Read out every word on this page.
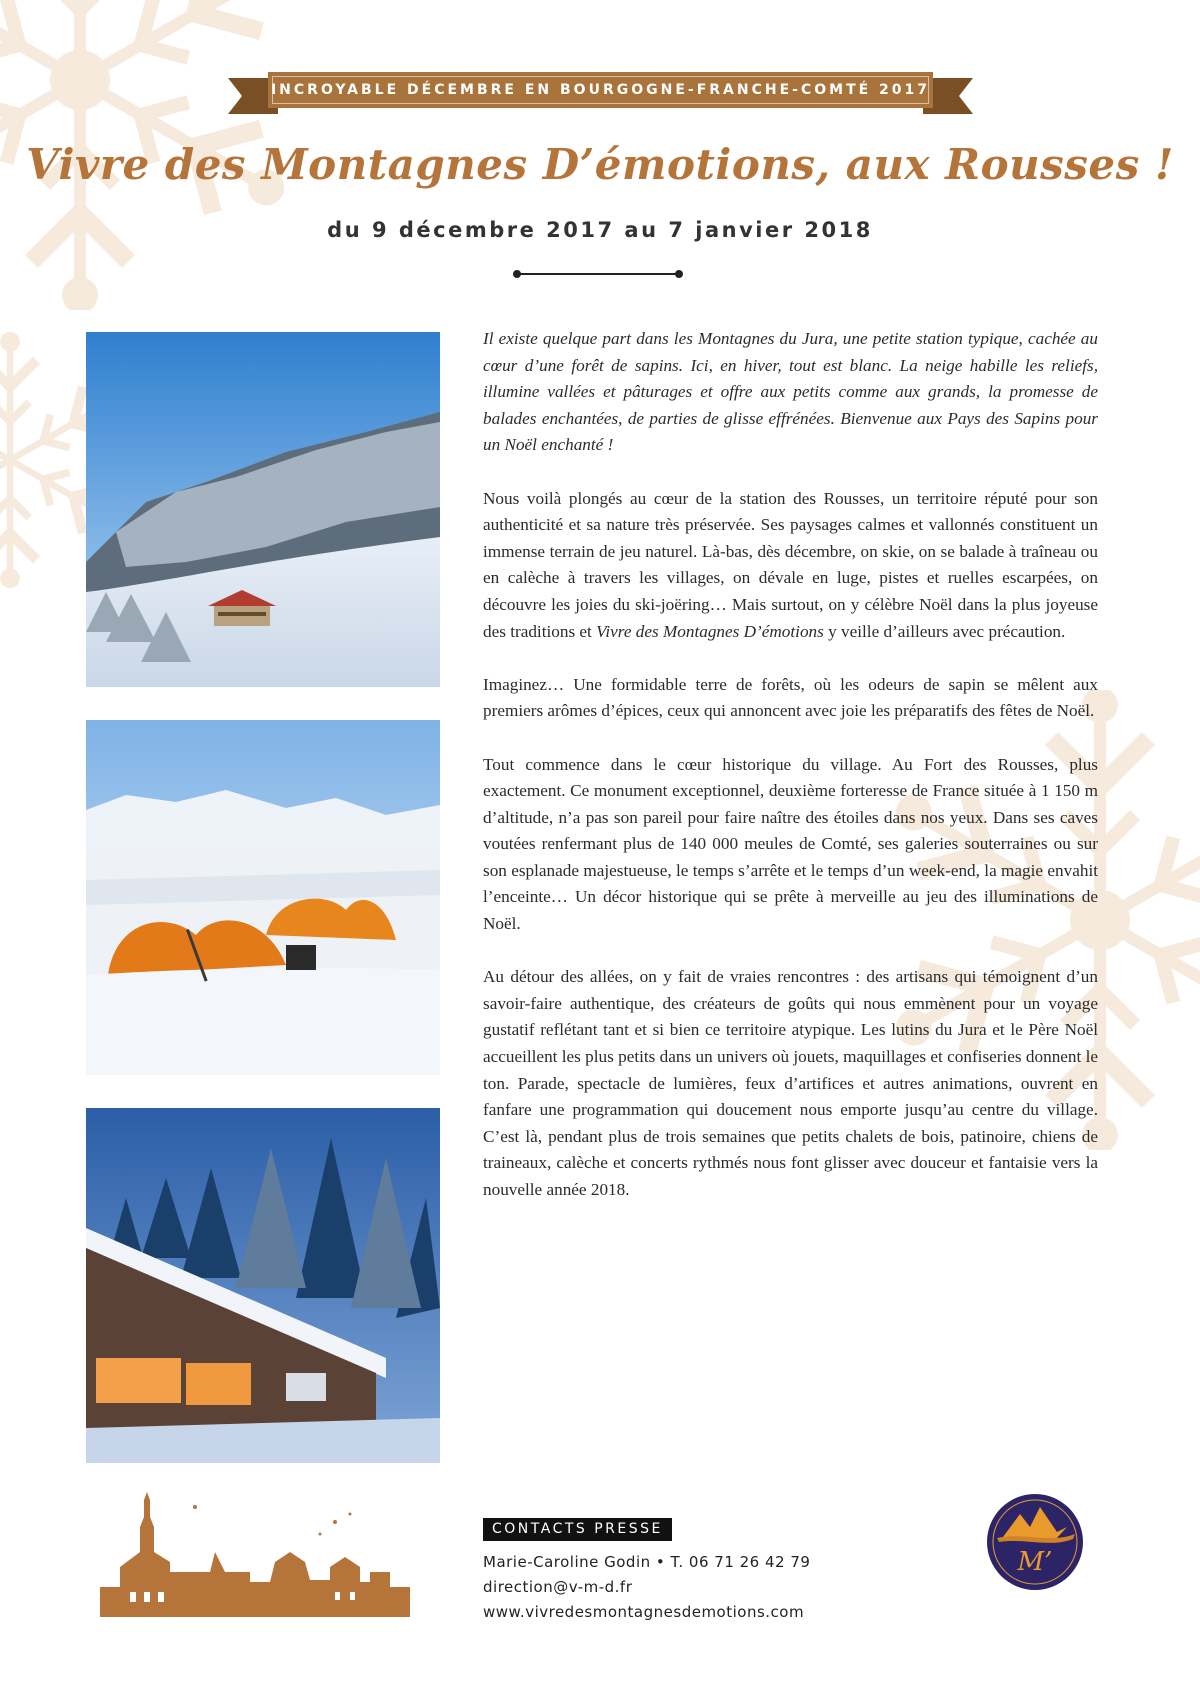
INCROYABLE DÉCEMBRE EN BOURGOGNE-FRANCHE-COMTÉ 2017
Vivre des Montagnes D’émotions, aux Rousses !
du 9 décembre 2017 au 7 janvier 2018

Il existe quelque part dans les Montagnes du Jura, une petite station typique, cachée au cœur d’une forêt de sapins. Ici, en hiver, tout est blanc. La neige habille les reliefs, illumine vallées et pâturages et offre aux petits comme aux grands, la promesse de balades enchantées, de parties de glisse effrénées. Bienvenue aux Pays des Sapins pour un Noël enchanté !

Nous voilà plongés au cœur de la station des Rousses, un territoire réputé pour son authenticité et sa nature très préservée. Ses paysages calmes et vallonnés constituent un immense terrain de jeu naturel. Là-bas, dès décembre, on skie, on se balade à traîneau ou en calèche à travers les villages, on dévale en luge, pistes et ruelles escarpées, on découvre les joies du ski-joëring… Mais surtout, on y célèbre Noël dans la plus joyeuse des traditions et Vivre des Montagnes D’émotions y veille d’ailleurs avec précaution.

Imaginez… Une formidable terre de forêts, où les odeurs de sapin se mêlent aux premiers arômes d’épices, ceux qui annoncent avec joie les préparatifs des fêtes de Noël.

Tout commence dans le cœur historique du village. Au Fort des Rousses, plus exactement. Ce monument exceptionnel, deuxième forteresse de France située à 1 150 m d’altitude, n’a pas son pareil pour faire naître des étoiles dans nos yeux. Dans ses caves voutées renfermant plus de 140 000 meules de Comté, ses galeries souterraines ou sur son esplanade majestueuse, le temps s’arrête et le temps d’un week-end, la magie envahit l’enceinte… Un décor historique qui se prête à merveille au jeu des illuminations de Noël.

Au détour des allées, on y fait de vraies rencontres : des artisans qui témoignent d’un savoir-faire authentique, des créateurs de goûts qui nous emmènent pour un voyage gustatif reflétant tant et si bien ce territoire atypique. Les lutins du Jura et le Père Noël accueillent les plus petits dans un univers où jouets, maquillages et confiseries donnent le ton. Parade, spectacle de lumières, feux d’artifices et autres animations, ouvrent en fanfare une programmation qui doucement nous emporte jusqu’au centre du village. C’est là, pendant plus de trois semaines que petits chalets de bois, patinoire, chiens de traineaux, calèche et concerts rythmés nous font glisser avec douceur et fantaisie vers la nouvelle année 2018.

CONTACTS PRESSE
Marie-Caroline Godin • T. 06 71 26 42 79
direction@v-m-d.fr
www.vivredesmontagnesdemotions.com
M’
